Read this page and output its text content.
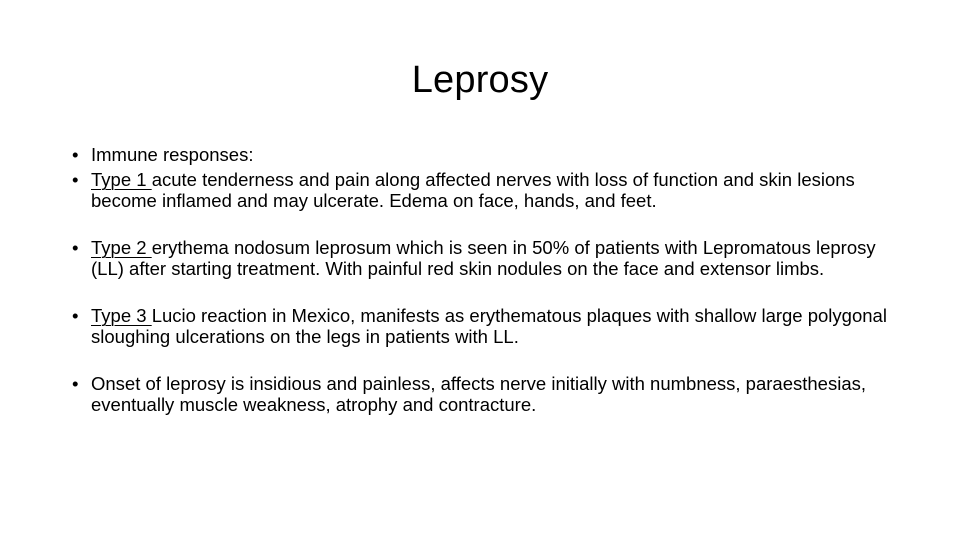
Leprosy

• Immune responses:

• Type 1 acute tenderness and pain along affected nerves with loss of function and skin lesions become inflamed and may ulcerate. Edema on face, hands, and feet.

• Type 2 erythema nodosum leprosum which is seen in 50% of patients with Lepromatous leprosy (LL) after starting treatment. With painful red skin nodules on the face and extensor limbs.

• Type 3 Lucio reaction in Mexico, manifests as erythematous plaques with shallow large polygonal sloughing ulcerations on the legs in patients with LL.

• Onset of leprosy is insidious and painless, affects nerve initially with numbness, paraesthesias, eventually muscle weakness, atrophy and contracture.
